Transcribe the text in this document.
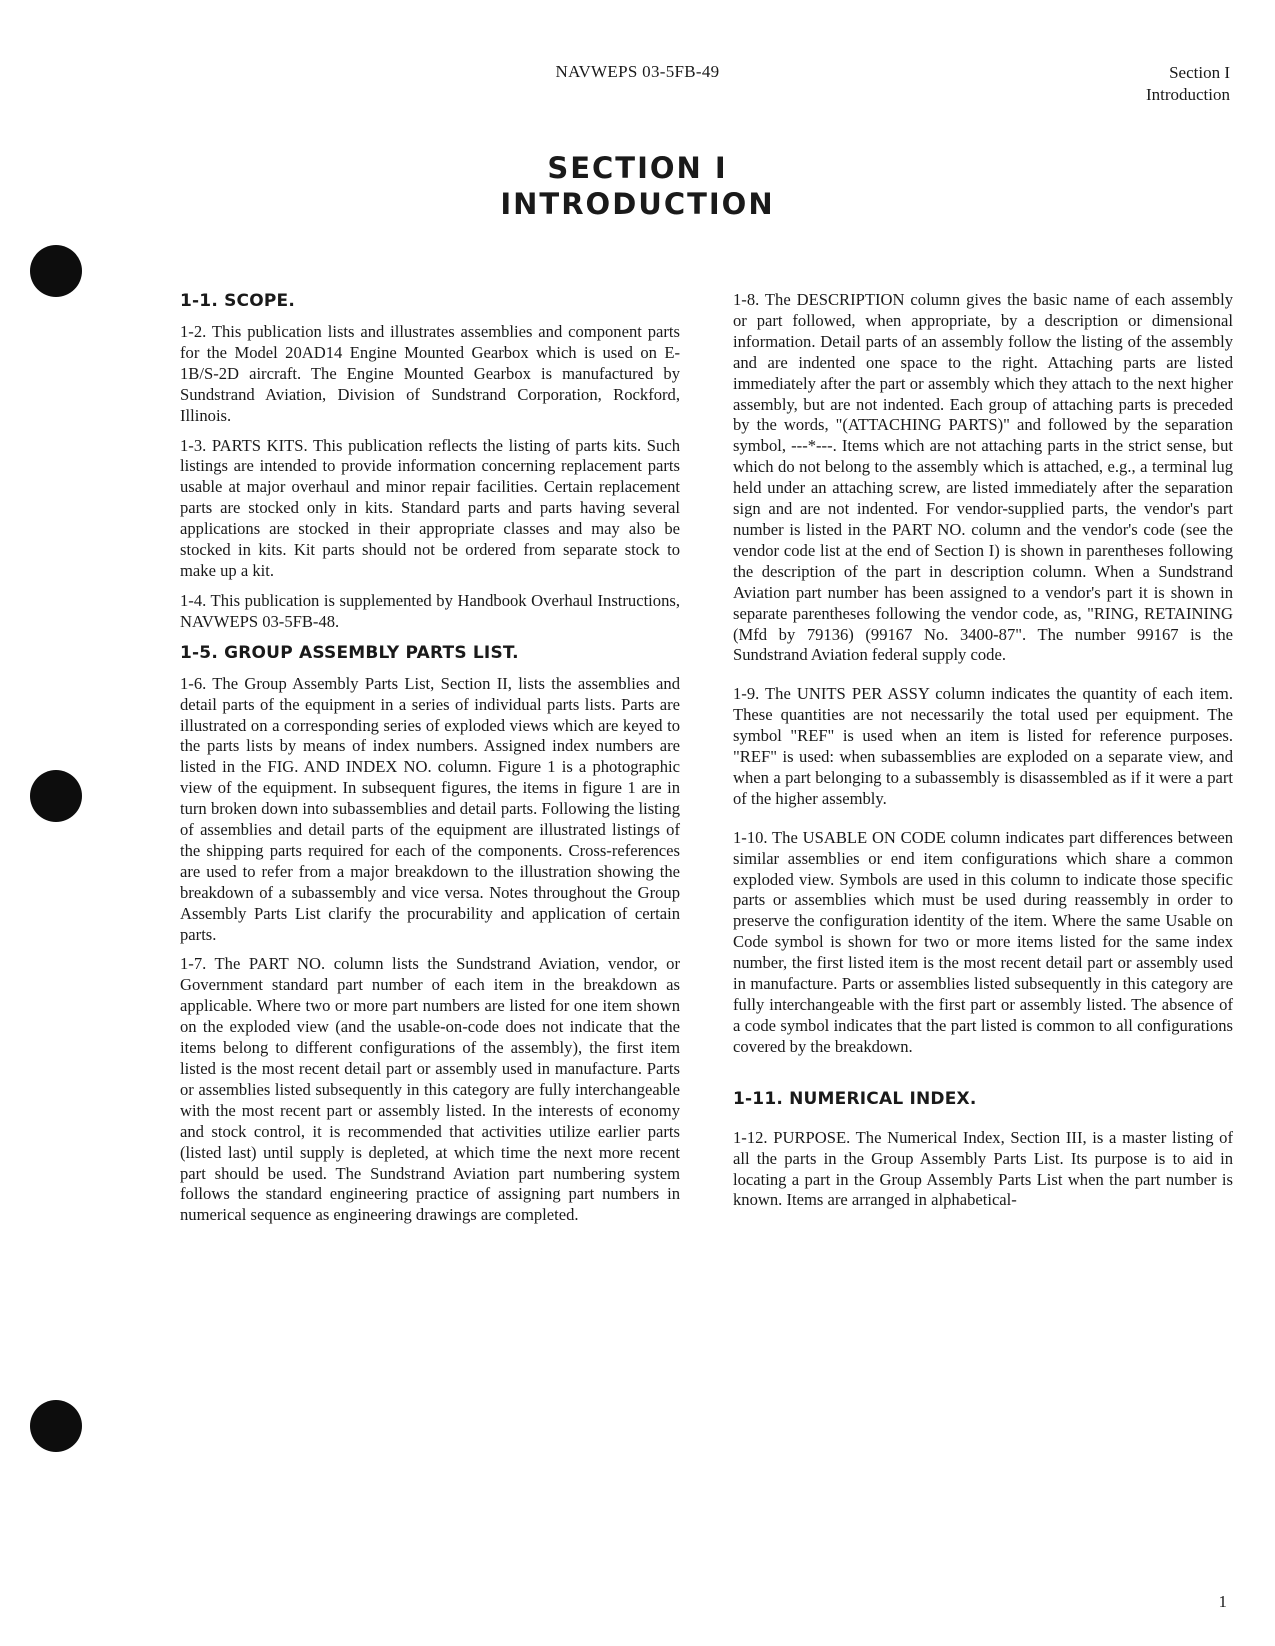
NAVWEPS 03-5FB-49	Section I
Introduction
SECTION I
INTRODUCTION
1-1. SCOPE.

1-2. This publication lists and illustrates assemblies and component parts for the Model 20AD14 Engine Mounted Gearbox which is used on E-1B/S-2D aircraft. The Engine Mounted Gearbox is manufactured by Sundstrand Aviation, Division of Sundstrand Corporation, Rockford, Illinois.

1-3. PARTS KITS. This publication reflects the listing of parts kits. Such listings are intended to provide information concerning replacement parts usable at major overhaul and minor repair facilities. Certain replacement parts are stocked only in kits. Standard parts and parts having several applications are stocked in their appropriate classes and may also be stocked in kits. Kit parts should not be ordered from separate stock to make up a kit.

1-4. This publication is supplemented by Handbook Overhaul Instructions, NAVWEPS 03-5FB-48.

1-5. GROUP ASSEMBLY PARTS LIST.

1-6. The Group Assembly Parts List, Section II, lists the assemblies and detail parts of the equipment in a series of individual parts lists. Parts are illustrated on a corresponding series of exploded views which are keyed to the parts lists by means of index numbers. Assigned index numbers are listed in the FIG. AND INDEX NO. column. Figure 1 is a photographic view of the equipment. In subsequent figures, the items in figure 1 are in turn broken down into subassemblies and detail parts. Following the listing of assemblies and detail parts of the equipment are illustrated listings of the shipping parts required for each of the components. Cross-references are used to refer from a major breakdown to the illustration showing the breakdown of a subassembly and vice versa. Notes throughout the Group Assembly Parts List clarify the procurability and application of certain parts.

1-7. The PART NO. column lists the Sundstrand Aviation, vendor, or Government standard part number of each item in the breakdown as applicable. Where two or more part numbers are listed for one item shown on the exploded view (and the usable-on-code does not indicate that the items belong to different configurations of the assembly), the first item listed is the most recent detail part or assembly used in manufacture. Parts or assemblies listed subsequently in this category are fully interchangeable with the most recent part or assembly listed. In the interests of economy and stock control, it is recommended that activities utilize earlier parts (listed last) until supply is depleted, at which time the next more recent part should be used. The Sundstrand Aviation part numbering system follows the standard engineering practice of assigning part numbers in numerical sequence as engineering drawings are completed.

1-8. The DESCRIPTION column gives the basic name of each assembly or part followed, when appropriate, by a description or dimensional information. Detail parts of an assembly follow the listing of the assembly and are indented one space to the right. Attaching parts are listed immediately after the part or assembly which they attach to the next higher assembly, but are not indented. Each group of attaching parts is preceded by the words, "(ATTACHING PARTS)" and followed by the separation symbol, ---*---. Items which are not attaching parts in the strict sense, but which do not belong to the assembly which is attached, e.g., a terminal lug held under an attaching screw, are listed immediately after the separation sign and are not indented. For vendor-supplied parts, the vendor's part number is listed in the PART NO. column and the vendor's code (see the vendor code list at the end of Section I) is shown in parentheses following the description of the part in description column. When a Sundstrand Aviation part number has been assigned to a vendor's part it is shown in separate parentheses following the vendor code, as, "RING, RETAINING (Mfd by 79136) (99167 No. 3400-87". The number 99167 is the Sundstrand Aviation federal supply code.

1-9. The UNITS PER ASSY column indicates the quantity of each item. These quantities are not necessarily the total used per equipment. The symbol "REF" is used when an item is listed for reference purposes. "REF" is used: when subassemblies are exploded on a separate view, and when a part belonging to a subassembly is disassembled as if it were a part of the higher assembly.

1-10. The USABLE ON CODE column indicates part differences between similar assemblies or end item configurations which share a common exploded view. Symbols are used in this column to indicate those specific parts or assemblies which must be used during reassembly in order to preserve the configuration identity of the item. Where the same Usable on Code symbol is shown for two or more items listed for the same index number, the first listed item is the most recent detail part or assembly used in manufacture. Parts or assemblies listed subsequently in this category are fully interchangeable with the first part or assembly listed. The absence of a code symbol indicates that the part listed is common to all configurations covered by the breakdown.

1-11. NUMERICAL INDEX.

1-12. PURPOSE. The Numerical Index, Section III, is a master listing of all the parts in the Group Assembly Parts List. Its purpose is to aid in locating a part in the Group Assembly Parts List when the part number is known. Items are arranged in alphabetical-

1
